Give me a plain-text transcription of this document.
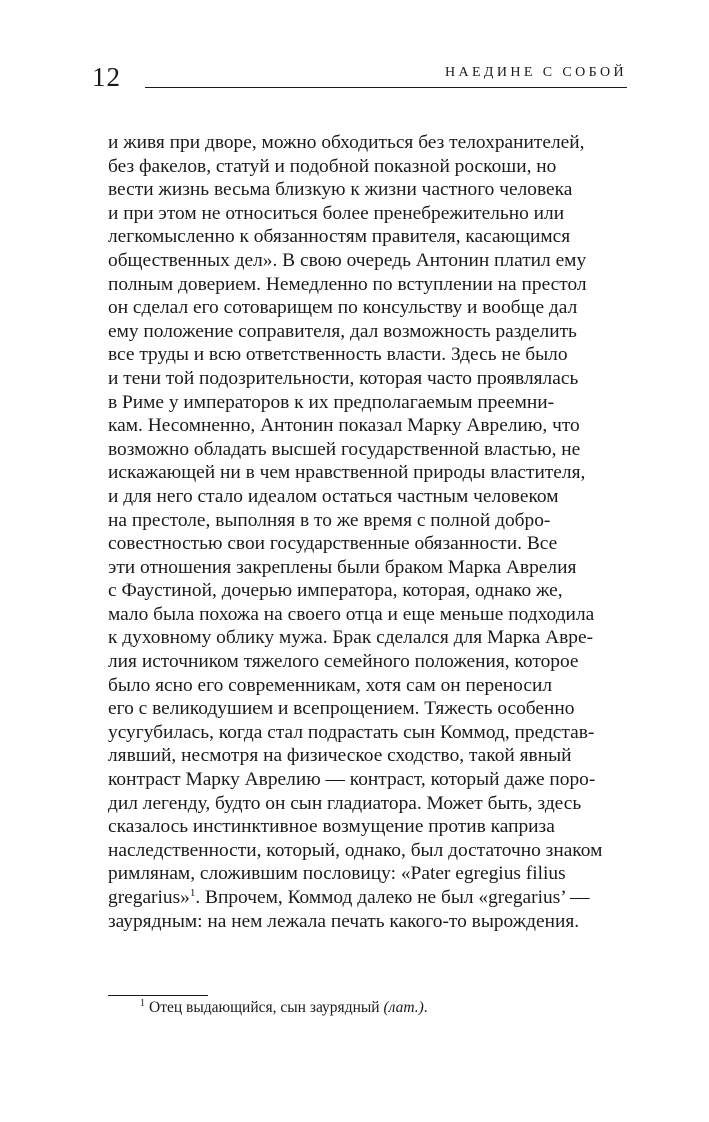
12	НАЕДИНЕ С СОБОЙ
и живя при дворе, можно обходиться без телохранителей,
без факелов, статуй и подобной показной роскоши, но
вести жизнь весьма близкую к жизни частного человека
и при этом не относиться более пренебрежительно или
легкомысленно к обязанностям правителя, касающимся
общественных дел». В свою очередь Антонин платил ему
полным доверием. Немедленно по вступлении на престол
он сделал его сотоварищем по консульству и вообще дал
ему положение соправителя, дал возможность разделить
все труды и всю ответственность власти. Здесь не было
и тени той подозрительности, которая часто проявлялась
в Риме у императоров к их предполагаемым преемни-
кам. Несомненно, Антонин показал Марку Аврелию, что
возможно обладать высшей государственной властью, не
искажающей ни в чем нравственной природы властителя,
и для него стало идеалом остаться частным человеком
на престоле, выполняя в то же время с полной добро-
совестностью свои государственные обязанности. Все
эти отношения закреплены были браком Марка Аврелия
с Фаустиной, дочерью императора, которая, однако же,
мало была похожа на своего отца и еще меньше подходила
к духовному облику мужа. Брак сделался для Марка Авре-
лия источником тяжелого семейного положения, которое
было ясно его современникам, хотя сам он переносил
его с великодушием и всепрощением. Тяжесть особенно
усугубилась, когда стал подрастать сын Коммод, представ-
лявший, несмотря на физическое сходство, такой явный
контраст Марку Аврелию — контраст, который даже поро-
дил легенду, будто он сын гладиатора. Может быть, здесь
сказалось инстинктивное возмущение против каприза
наследственности, который, однако, был достаточно знаком
римлянам, сложившим пословицу: «Pater egregius filius
gregarius»$^1$. Впрочем, Коммод далеко не был «gregarius’ —
заурядным: на нем лежала печать какого-то вырождения.
$^1$ Отец выдающийся, сын заурядный (лат.).
